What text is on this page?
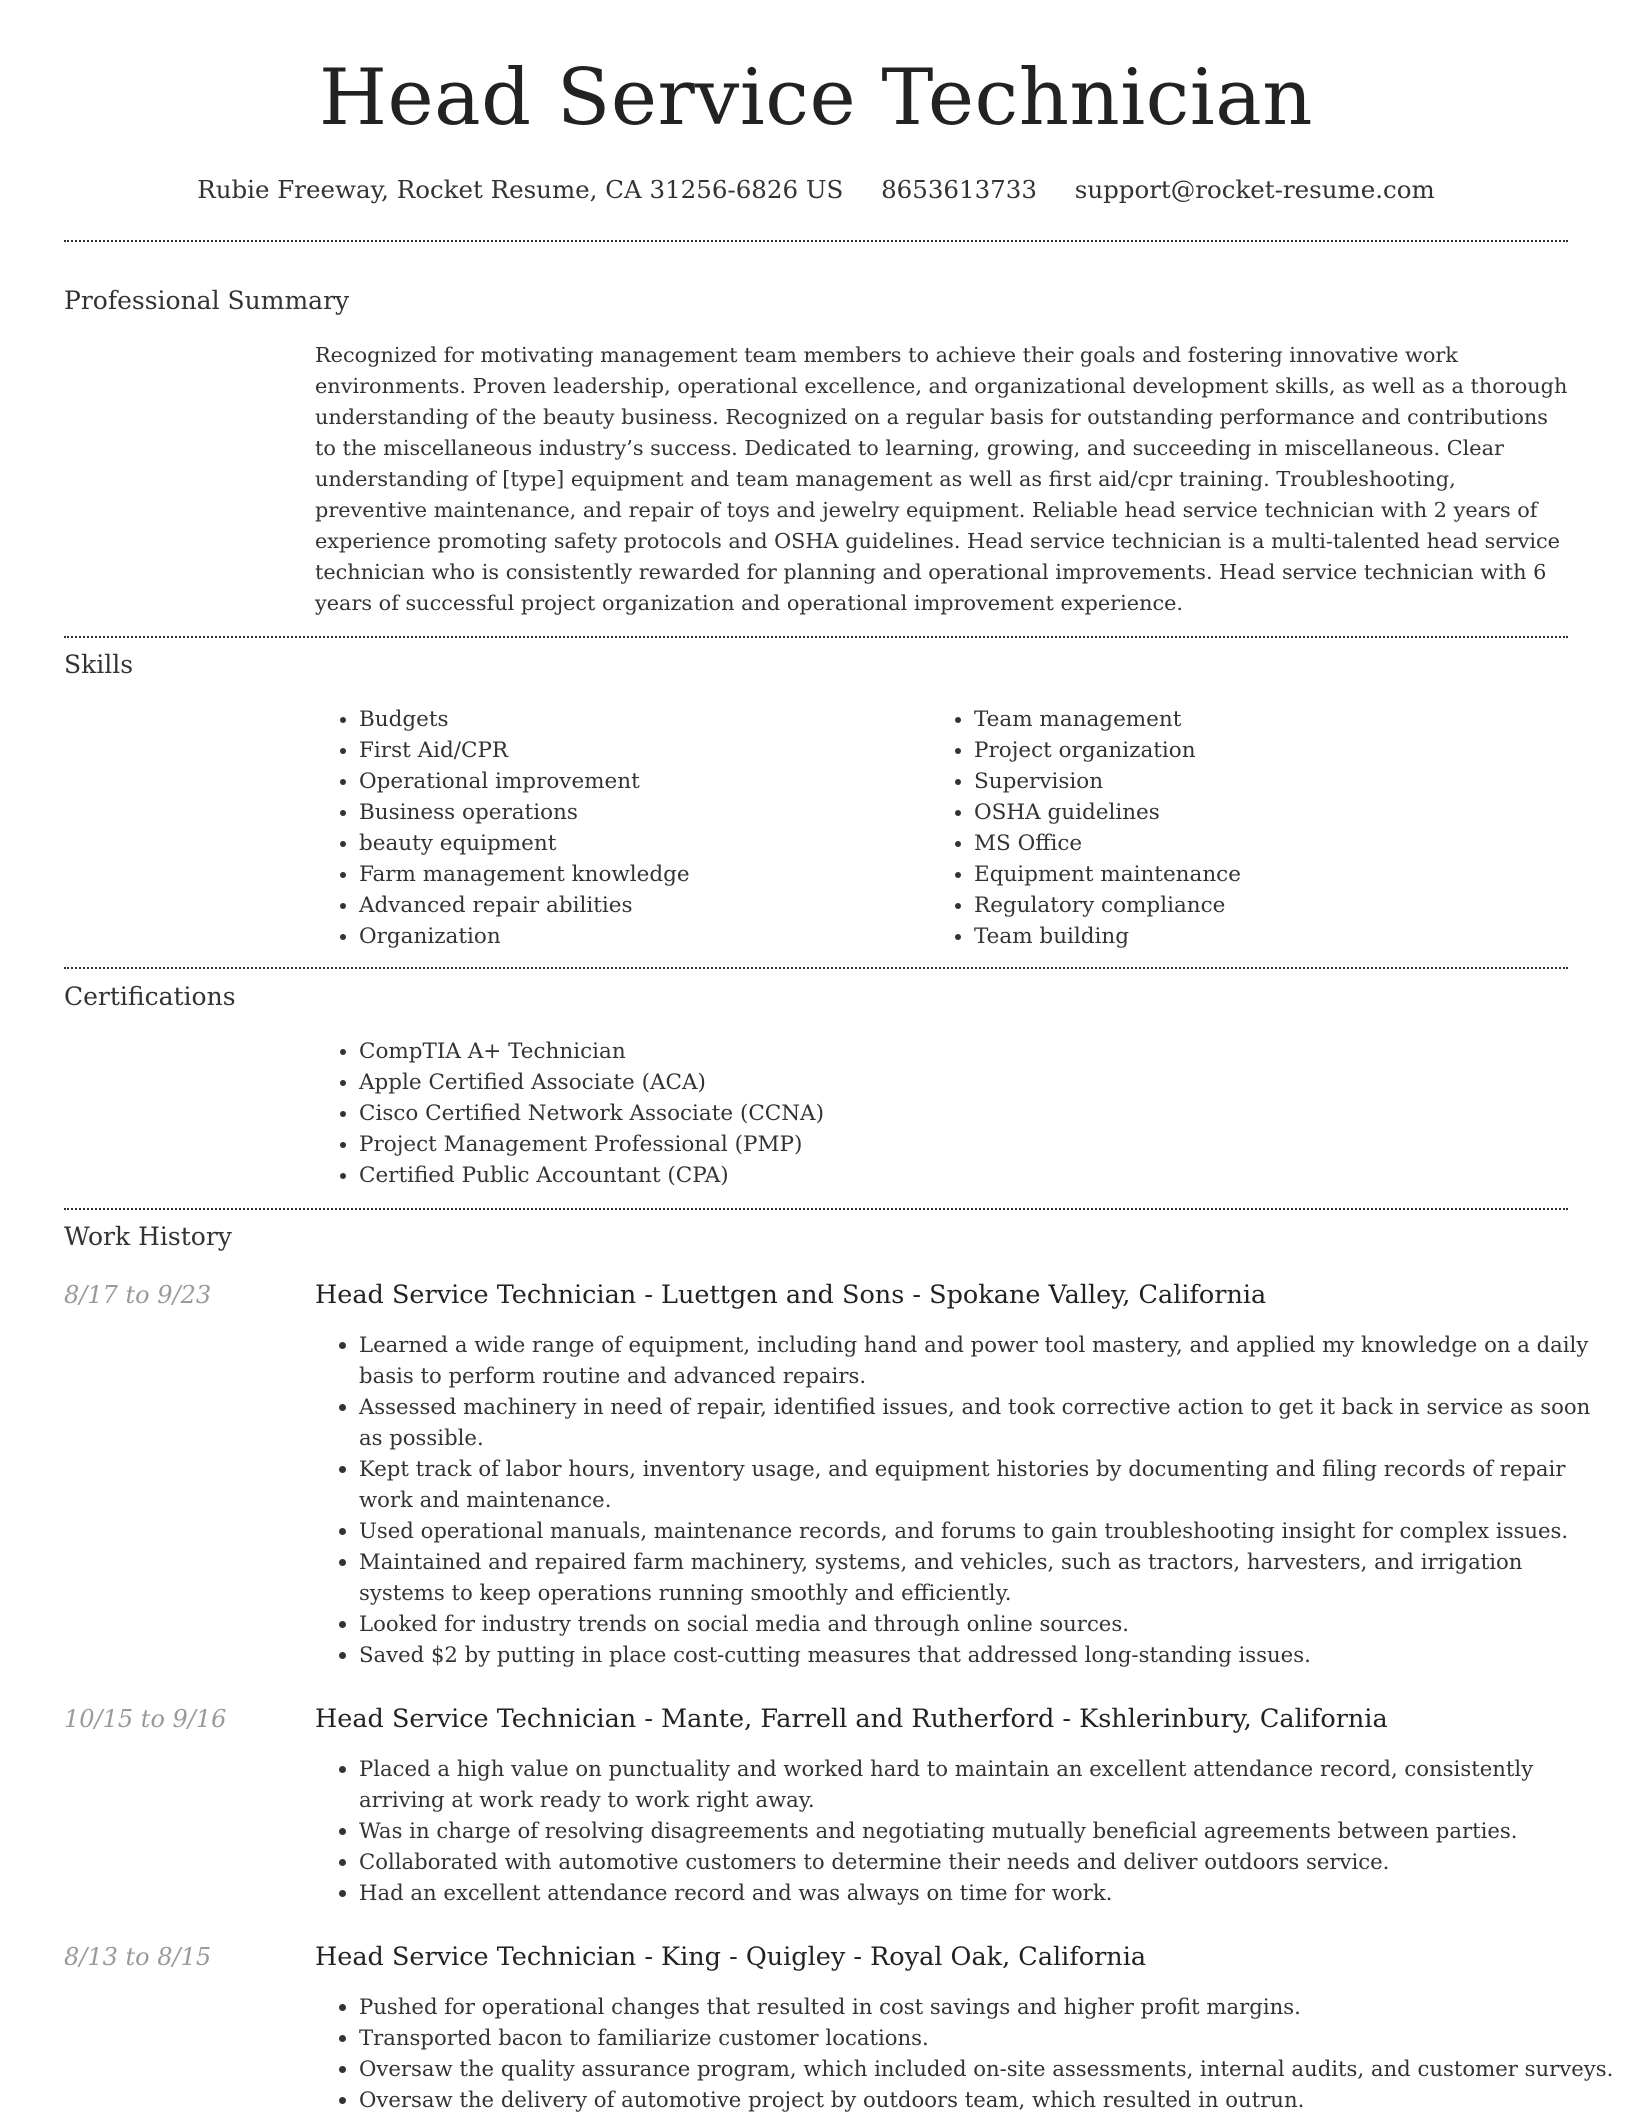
Head Service Technician
Rubie Freeway, Rocket Resume, CA 31256-6826 US 8653613733 support@rocket-resume.com
Professional Summary

Recognized for motivating management team members to achieve their goals and fostering innovative work environments. Proven leadership, operational excellence, and organizational development skills, as well as a thorough understanding of the beauty business. Recognized on a regular basis for outstanding performance and contributions to the miscellaneous industry’s success. Dedicated to learning, growing, and succeeding in miscellaneous. Clear understanding of [type] equipment and team management as well as first aid/cpr training. Troubleshooting, preventive maintenance, and repair of toys and jewelry equipment. Reliable head service technician with 2 years of experience promoting safety protocols and OSHA guidelines. Head service technician is a multi-talented head service technician who is consistently rewarded for planning and operational improvements. Head service technician with 6 years of successful project organization and operational improvement experience.

Skills
• Budgets
• First Aid/CPR
• Operational improvement
• Business operations
• beauty equipment
• Farm management knowledge
• Advanced repair abilities
• Organization
• Team management
• Project organization
• Supervision
• OSHA guidelines
• MS Office
• Equipment maintenance
• Regulatory compliance
• Team building
Certifications
• CompTIA A+ Technician
• Apple Certified Associate (ACA)
• Cisco Certified Network Associate (CCNA)
• Project Management Professional (PMP)
• Certified Public Accountant (CPA)
Work History
8/17 to 9/23	Head Service Technician - Luettgen and Sons - Spokane Valley, California
• Learned a wide range of equipment, including hand and power tool mastery, and applied my knowledge on a daily basis to perform routine and advanced repairs.
• Assessed machinery in need of repair, identified issues, and took corrective action to get it back in service as soon as possible.
• Kept track of labor hours, inventory usage, and equipment histories by documenting and filing records of repair work and maintenance.
• Used operational manuals, maintenance records, and forums to gain troubleshooting insight for complex issues.
• Maintained and repaired farm machinery, systems, and vehicles, such as tractors, harvesters, and irrigation systems to keep operations running smoothly and efficiently.
• Looked for industry trends on social media and through online sources.
• Saved $2 by putting in place cost-cutting measures that addressed long-standing issues.
10/15 to 9/16	Head Service Technician - Mante, Farrell and Rutherford - Kshlerinbury, California
• Placed a high value on punctuality and worked hard to maintain an excellent attendance record, consistently arriving at work ready to work right away.
• Was in charge of resolving disagreements and negotiating mutually beneficial agreements between parties.
• Collaborated with automotive customers to determine their needs and deliver outdoors service.
• Had an excellent attendance record and was always on time for work.
8/13 to 8/15	Head Service Technician - King - Quigley - Royal Oak, California
• Pushed for operational changes that resulted in cost savings and higher profit margins.
• Transported bacon to familiarize customer locations.
• Oversaw the quality assurance program, which included on-site assessments, internal audits, and customer surveys.
• Oversaw the delivery of automotive project by outdoors team, which resulted in outrun.
